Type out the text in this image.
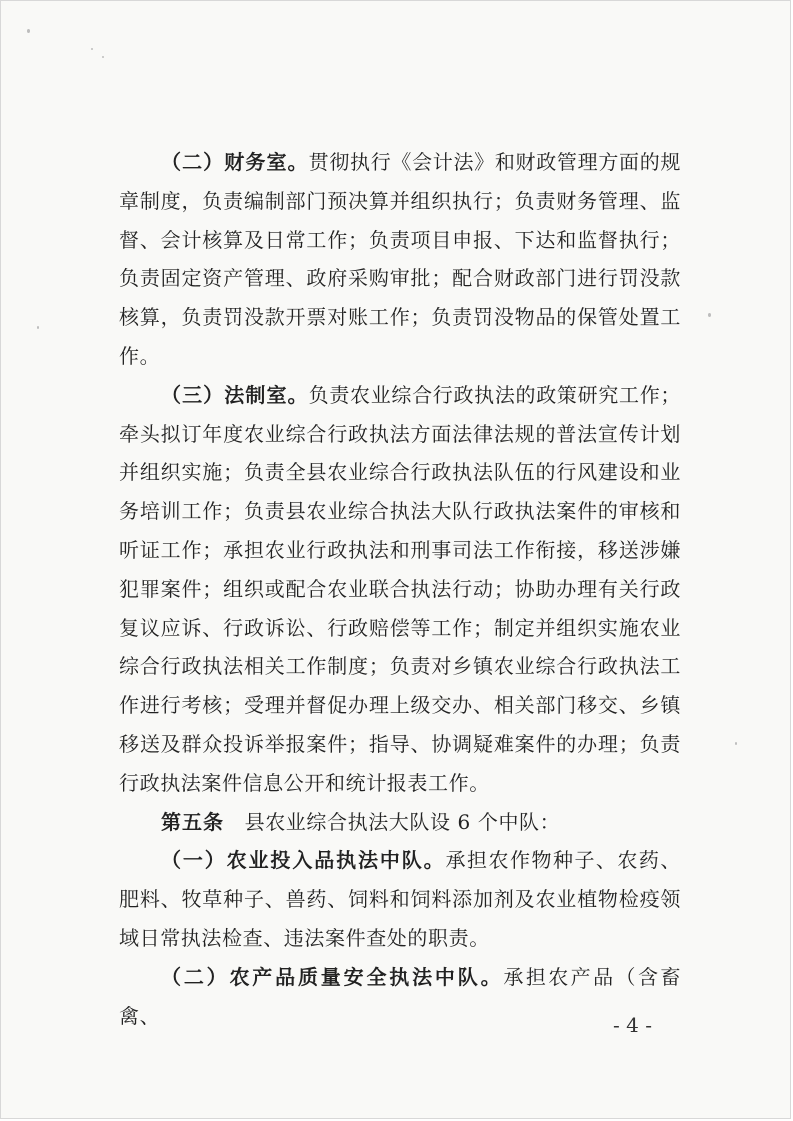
（二）财务室。贯彻执行《会计法》和财政管理方面的规章制度，负责编制部门预决算并组织执行；负责财务管理、监督、会计核算及日常工作；负责项目申报、下达和监督执行；负责固定资产管理、政府采购审批；配合财政部门进行罚没款核算，负责罚没款开票对账工作；负责罚没物品的保管处置工作。

（三）法制室。负责农业综合行政执法的政策研究工作；牵头拟订年度农业综合行政执法方面法律法规的普法宣传计划并组织实施；负责全县农业综合行政执法队伍的行风建设和业务培训工作；负责县农业综合执法大队行政执法案件的审核和听证工作；承担农业行政执法和刑事司法工作衔接，移送涉嫌犯罪案件；组织或配合农业联合执法行动；协助办理有关行政复议应诉、行政诉讼、行政赔偿等工作；制定并组织实施农业综合行政执法相关工作制度；负责对乡镇农业综合行政执法工作进行考核；受理并督促办理上级交办、相关部门移交、乡镇移送及群众投诉举报案件；指导、协调疑难案件的办理；负责行政执法案件信息公开和统计报表工作。

第五条　县农业综合执法大队设 6 个中队：

（一）农业投入品执法中队。承担农作物种子、农药、肥料、牧草种子、兽药、饲料和饲料添加剂及农业植物检疫领域日常执法检查、违法案件查处的职责。

（二）农产品质量安全执法中队。承担农产品（含畜禽、	- 4 -
